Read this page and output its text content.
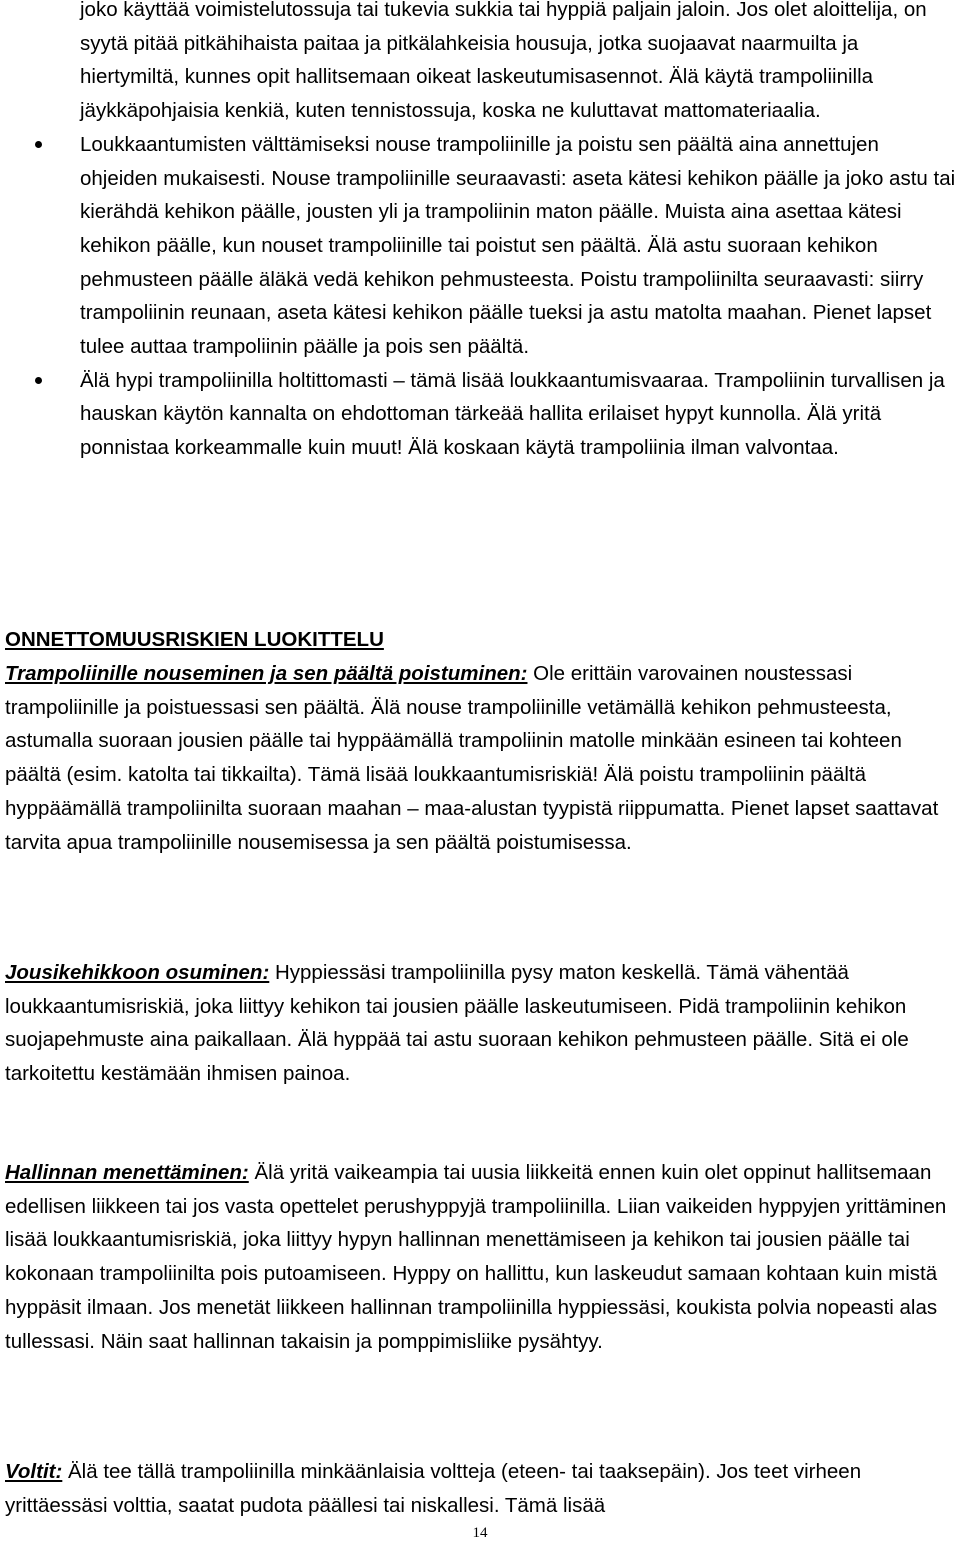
joko käyttää voimistelutossuja tai tukevia sukkia tai hyppiä paljain jaloin. Jos olet aloittelija, on syytä pitää pitkähihaista paitaa ja pitkälahkeisia housuja, jotka suojaavat naarmuilta ja hiertymiltä, kunnes opit hallitsemaan oikeat laskeutumisasennot. Älä käytä trampoliinilla jäykkäpohjaisia kenkiä, kuten tennistossuja, koska ne kuluttavat mattomateriaalia.
Loukkaantumisten välttämiseksi nouse trampoliinille ja poistu sen päältä aina annettujen ohjeiden mukaisesti. Nouse trampoliinille seuraavasti: aseta kätesi kehikon päälle ja joko astu tai kierähdä kehikon päälle, jousten yli ja trampoliinin maton päälle. Muista aina asettaa kätesi kehikon päälle, kun nouset trampoliinille tai poistut sen päältä. Älä astu suoraan kehikon pehmusteen päälle äläkä vedä kehikon pehmusteesta. Poistu trampoliinilta seuraavasti: siirry trampoliinin reunaan, aseta kätesi kehikon päälle tueksi ja astu matolta maahan. Pienet lapset tulee auttaa trampoliinin päälle ja pois sen päältä.
Älä hypi trampoliinilla holtittomasti – tämä lisää loukkaantumisvaaraa. Trampoliinin turvallisen ja hauskan käytön kannalta on ehdottoman tärkeää hallita erilaiset hypyt kunnolla. Älä yritä ponnistaa korkeammalle kuin muut! Älä koskaan käytä trampoliinia ilman valvontaa.
ONNETTOMUUSRISKIEN LUOKITTELU

Trampoliinille nouseminen ja sen päältä poistuminen: Ole erittäin varovainen noustessasi trampoliinille ja poistuessasi sen päältä. Älä nouse trampoliinille vetämällä kehikon pehmusteesta, astumalla suoraan jousien päälle tai hyppäämällä trampoliinin matolle minkään esineen tai kohteen päältä (esim. katolta tai tikkailta). Tämä lisää loukkaantumisriskiä! Älä poistu trampoliinin päältä hyppäämällä trampoliinilta suoraan maahan – maa-alustan tyypistä riippumatta. Pienet lapset saattavat tarvita apua trampoliinille nousemisessa ja sen päältä poistumisessa.

Jousikehikkoon osuminen: Hyppiessäsi trampoliinilla pysy maton keskellä. Tämä vähentää loukkaantumisriskiä, joka liittyy kehikon tai jousien päälle laskeutumiseen. Pidä trampoliinin kehikon suojapehmuste aina paikallaan. Älä hyppää tai astu suoraan kehikon pehmusteen päälle. Sitä ei ole tarkoitettu kestämään ihmisen painoa.

Hallinnan menettäminen: Älä yritä vaikeampia tai uusia liikkeitä ennen kuin olet oppinut hallitsemaan edellisen liikkeen tai jos vasta opettelet perushyppyjä trampoliinilla. Liian vaikeiden hyppyjen yrittäminen lisää loukkaantumisriskiä, joka liittyy hypyn hallinnan menettämiseen ja kehikon tai jousien päälle tai kokonaan trampoliinilta pois putoamiseen. Hyppy on hallittu, kun laskeudut samaan kohtaan kuin mistä hyppäsit ilmaan. Jos menetät liikkeen hallinnan trampoliinilla hyppiessäsi, koukista polvia nopeasti alas tullessasi. Näin saat hallinnan takaisin ja pomppimisliike pysähtyy.

Voltit: Älä tee tällä trampoliinilla minkäänlaisia voltteja (eteen- tai taaksepäin). Jos teet virheen yrittäessäsi volttia, saatat pudota päällesi tai niskallesi. Tämä lisää

14
